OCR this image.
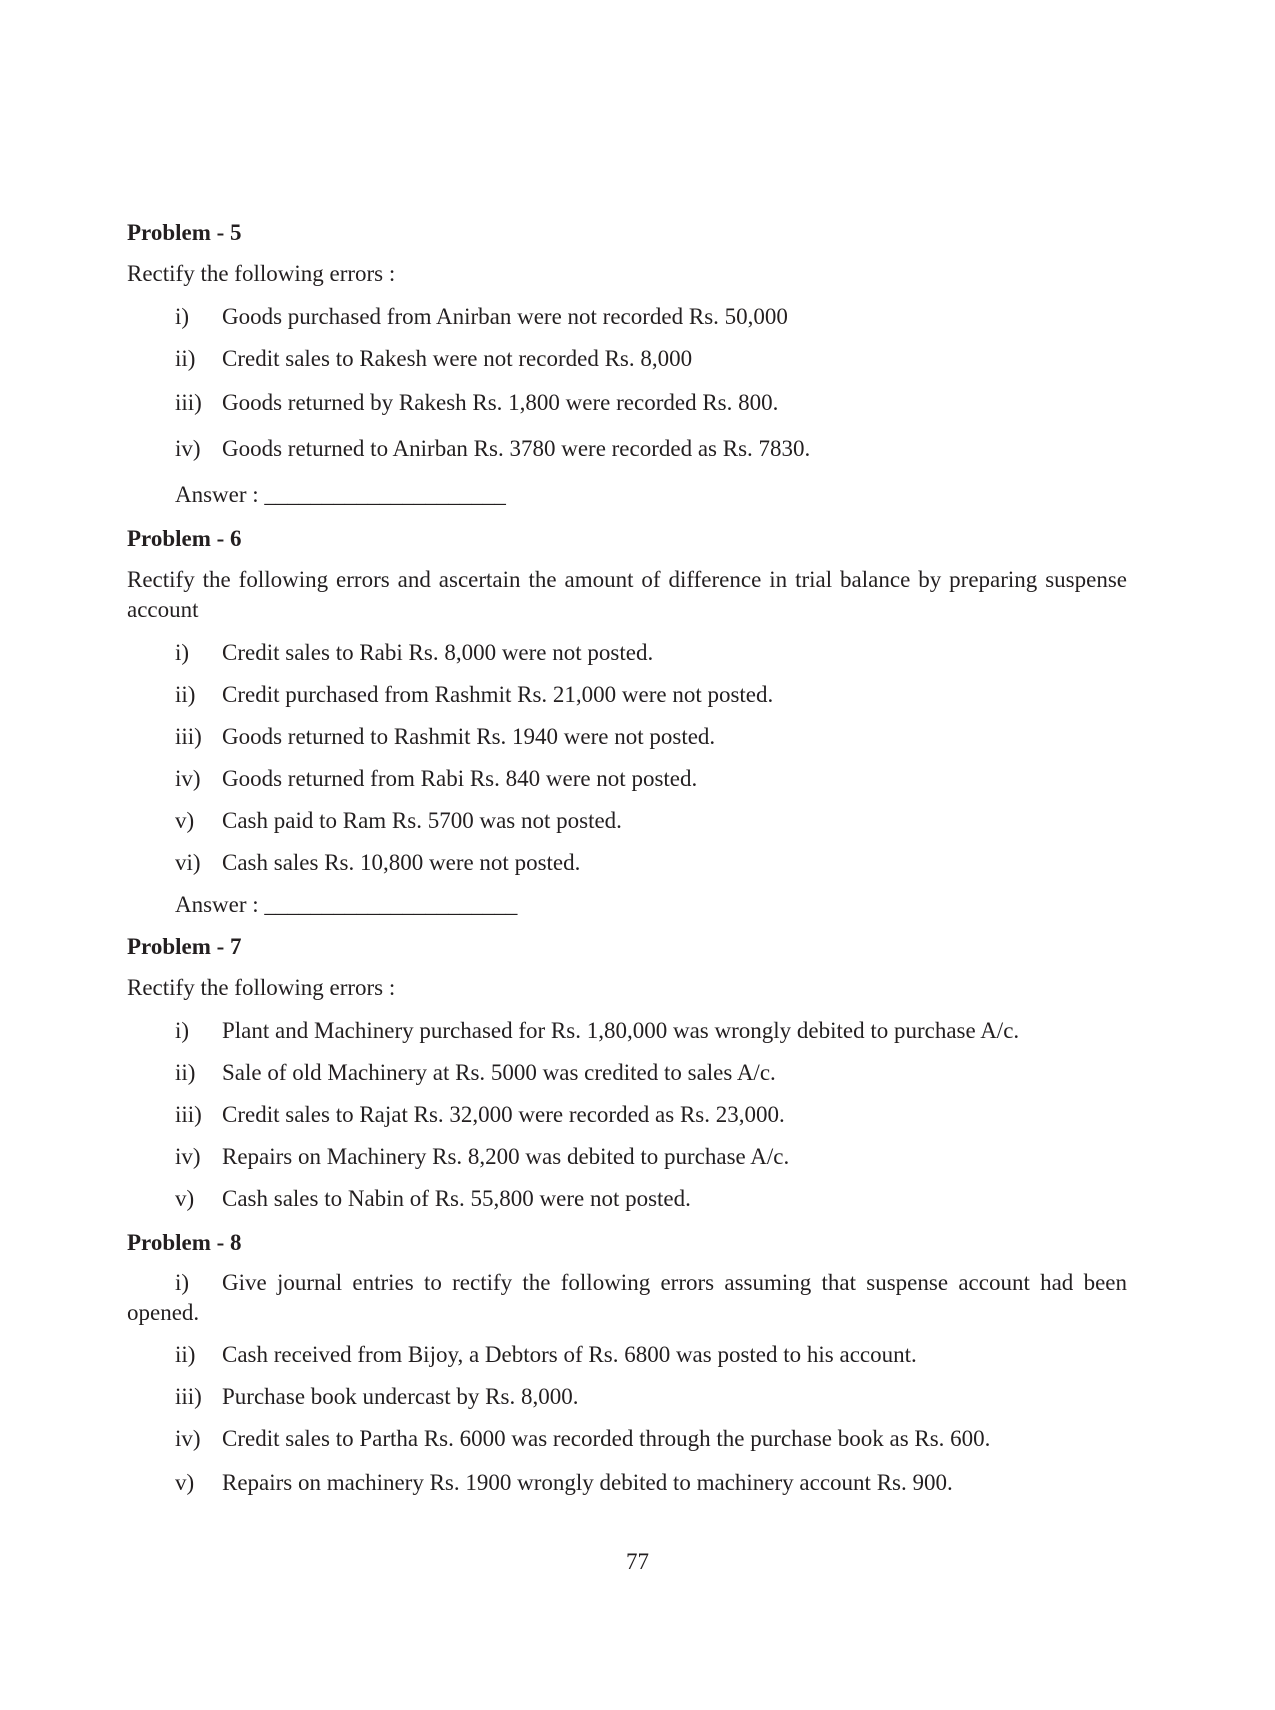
Problem - 5

Rectify the following errors :

i) Goods purchased from Anirban were not recorded Rs. 50,000
ii) Credit sales to Rakesh were not recorded Rs. 8,000
iii) Goods returned by Rakesh Rs. 1,800 were recorded Rs. 800.
iv) Goods returned to Anirban Rs. 3780 were recorded as Rs. 7830.
Answer : _____________________
Problem - 6

Rectify the following errors and ascertain the amount of difference in trial balance by preparing suspense account

i) Credit sales to Rabi Rs. 8,000 were not posted.
ii) Credit purchased from Rashmit Rs. 21,000 were not posted.
iii) Goods returned to Rashmit Rs. 1940 were not posted.
iv) Goods returned from Rabi Rs. 840 were not posted.
v) Cash paid to Ram Rs. 5700 was not posted.
vi) Cash sales Rs. 10,800 were not posted.
Answer : ______________________
Problem - 7

Rectify the following errors :

i) Plant and Machinery purchased for Rs. 1,80,000 was wrongly debited to purchase A/c.
ii) Sale of old Machinery at Rs. 5000 was credited to sales A/c.
iii) Credit sales to Rajat Rs. 32,000 were recorded as Rs. 23,000.
iv) Repairs on Machinery Rs. 8,200 was debited to purchase A/c.
v) Cash sales to Nabin of Rs. 55,800 were not posted.
Problem - 8

i) Give journal entries to rectify the following errors assuming that suspense account had been opened.

ii) Cash received from Bijoy, a Debtors of Rs. 6800 was posted to his account.
iii) Purchase book undercast by Rs. 8,000.
iv) Credit sales to Partha Rs. 6000 was recorded through the purchase book as Rs. 600.
v) Repairs on machinery Rs. 1900 wrongly debited to machinery account Rs. 900.
77
